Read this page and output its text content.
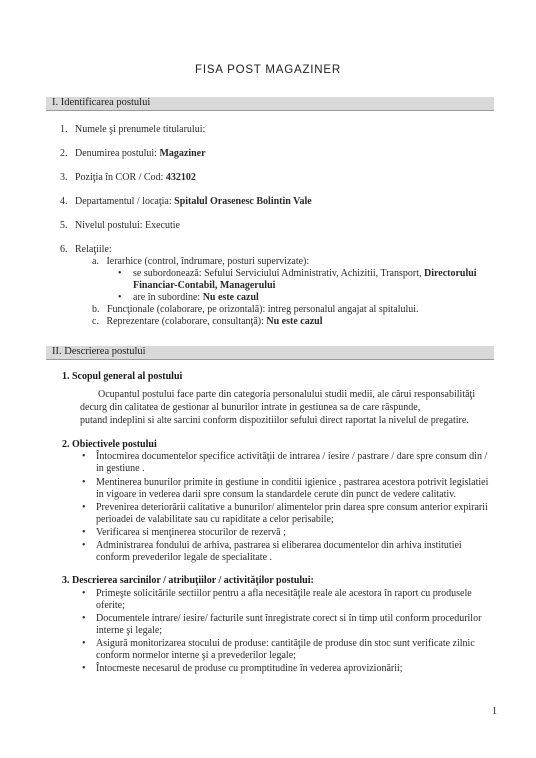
FISA POST MAGAZINER
I. Identificarea postului
1. Numele şi prenumele titularului:
2. Denumirea postului: Magaziner
3. Poziţia în COR / Cod: 432102
4. Departamentul / locaţia: Spitalul Orasenesc Bolintin Vale
5. Nivelul postului: Executie
6. Relaţiile:
a. Ierarhice (control, îndrumare, posturi supervizate):
• se subordonează: Sefului Serviciului Administrativ, Achizitii, Transport, Directorului
Financiar-Contabil, Managerului
• are în subordine: Nu este cazul
b. Funcţionale (colaborare, pe orizontală): intreg personalul angajat al spitalului.
c. Reprezentare (colaborare, consultanţă): Nu este cazul
II. Descrierea postului
1. Scopul general al postului
Ocupantul postului face parte din categoria personalului studii medii, ale cărui responsabilităţi
decurg din calitatea de gestionar al bunurilor intrate in gestiunea sa de care răspunde,
putand indeplini si alte sarcini conform dispozitiilor sefului direct raportat la nivelul de pregatire.
2. Obiectivele postului
• Întocmirea documentelor specifice activităţii de intrarea / iesire / pastrare / dare spre consum din /
in gestiune .
• Mentinerea bunurilor primite in gestiune in conditii igienice , pastrarea acestora potrivit legislatiei
in vigoare in vederea darii spre consum la standardele cerute din punct de vedere calitativ.
• Prevenirea deteriorării calitative a bunurilor/ alimentelor prin darea spre consum anterior expirarii
perioadei de valabilitate sau cu rapiditate a celor perisabile;
• Verificarea si menţinerea stocurilor de rezervă ;
• Administrarea fondului de arhiva, pastrarea si eliberarea documentelor din arhiva institutiei
conform prevederilor legale de specialitate .
3. Descrierea sarcinilor / atribuţiilor / activităţilor postului:
• Primeşte solicitările sectiilor pentru a afla necesităţile reale ale acestora în raport cu produsele
oferite;
• Documentele intrare/ iesire/ facturile sunt înregistrate corect si în timp util conform procedurilor
interne şi legale;
• Asigură monitorizarea stocului de produse: cantităţile de produse din stoc sunt verificate zilnic
conform normelor interne şi a prevederilor legale;
• Întocmeste necesarul de produse cu promptitudine în vederea aprovizionării;
1
